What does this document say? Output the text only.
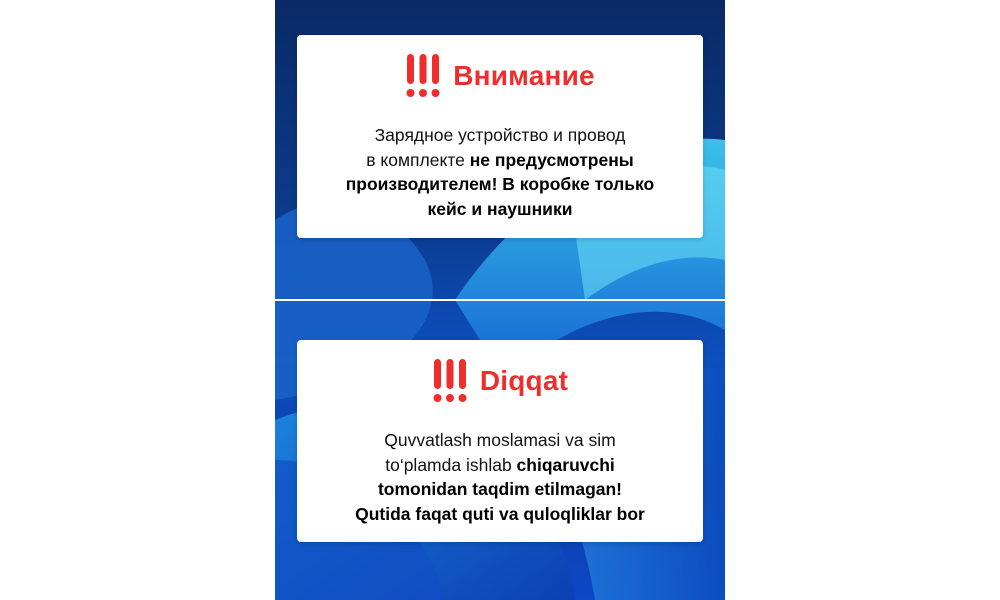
Внимание
Зарядное устройство и провод
в комплекте не предусмотрены
производителем! В коробке только
кейс и наушники
Diqqat
Quvvatlash moslamasi va sim
to‘plamda ishlab chiqaruvchi
tomonidan taqdim etilmagan!
Qutida faqat quti va quloqliklar bor
